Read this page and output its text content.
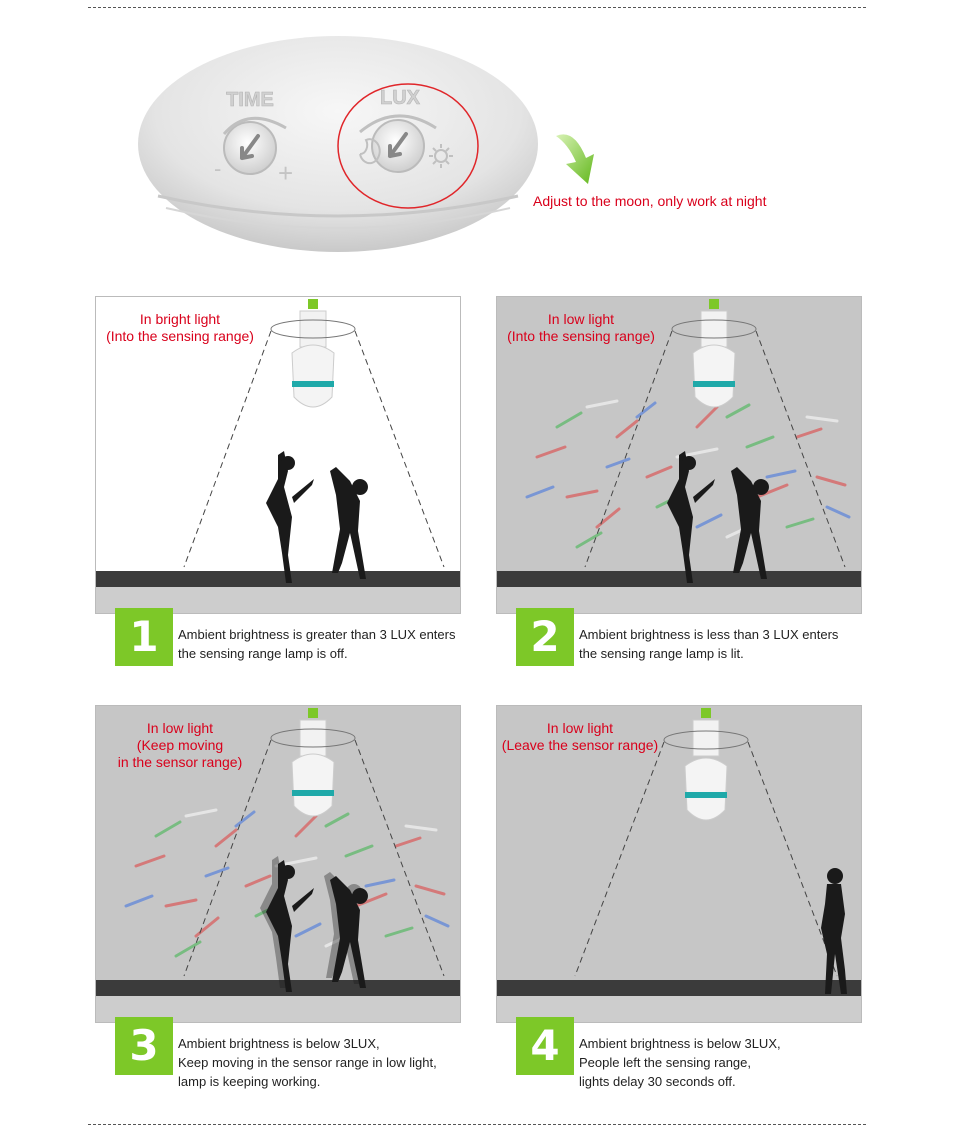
TIME
- +
LUX
Adjust to the moon, only work at night
In bright light
(Into the sensing range)
1	Ambient brightness is greater than 3 LUX enters
the sensing range lamp is off.
In low light
(Into the sensing range)
2	Ambient brightness is less than 3 LUX enters
the sensing range lamp is lit.
In low light
(Keep moving
in the sensor range)
3	Ambient brightness is below 3LUX,
Keep moving in the sensor range in low light,
lamp is keeping working.
In low light
(Leave the sensor range)
4	Ambient brightness is below 3LUX,
People left the sensing range,
lights delay 30 seconds off.
